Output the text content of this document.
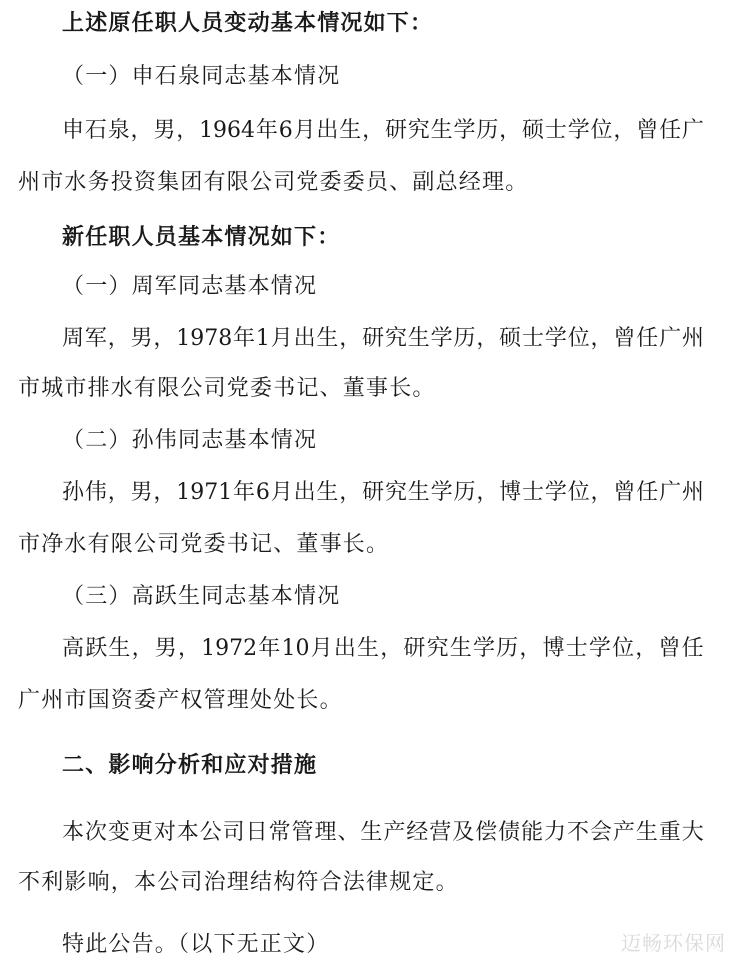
上述原任职人员变动基本情况如下：
（一）申石泉同志基本情况
申 石 泉 ， 男 ， 1964 年 6 月 出 生 ， 研 究 生 学 历 ， 硕 士 学 位 ， 曾 任 广
州市水务投资集团有限公司党委委员、副总经理。
新任职人员基本情况如下：
（一）周军同志基本情况
周 军 ， 男 ， 1978 年 1 月 出 生 ， 研 究 生 学 历 ， 硕 士 学 位 ， 曾 任 广 州
市城市排水有限公司党委书记、董事长。
（二）孙伟同志基本情况
孙 伟 ， 男 ， 1971 年 6 月 出 生 ， 研 究 生 学 历 ， 博 士 学 位 ， 曾 任 广 州
市净水有限公司党委书记、董事长。
（三）高跃生同志基本情况
高 跃 生 ， 男 ， 1972 年 10 月 出 生 ， 研 究 生 学 历 ， 博 士 学 位 ， 曾 任
广州市国资委产权管理处处长。
二、影响分析和应对措施
本 次 变 更 对 本 公 司 日 常 管 理 、 生 产 经 营 及 偿 债 能 力 不 会 产 生 重 大
不利影响，本公司治理结构符合法律规定。
特此公告。（以下无正文）	迈畅环保网
